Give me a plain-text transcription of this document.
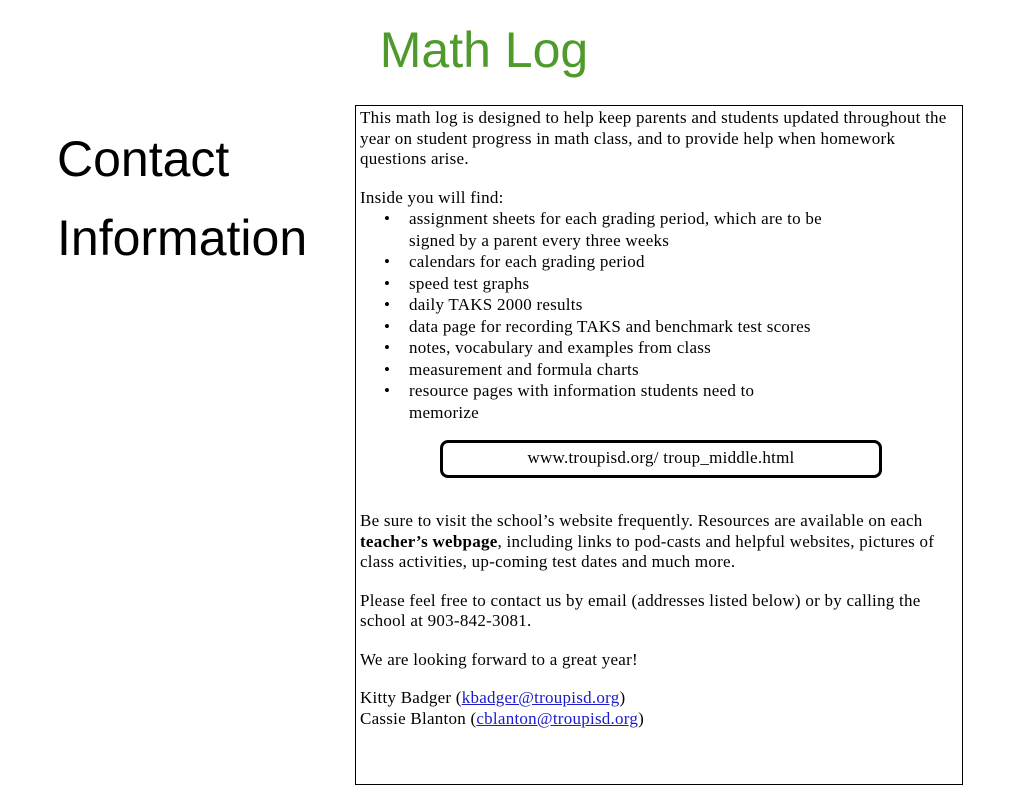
Math Log
Contact
Information

This math log is designed to help keep parents and students updated throughout the year on student progress in math class, and to provide help when homework questions arise.

Inside you will find:

• assignment sheets for each grading period, which are to be
signed by a parent every three weeks
• calendars for each grading period
• speed test graphs
• daily TAKS 2000 results
• data page for recording TAKS and benchmark test scores
• notes, vocabulary and examples from class
• measurement and formula charts
• resource pages with information students need to
memorize
www.troupisd.org/ troup_middle.html

Be sure to visit the school’s website frequently. Resources are available on each teacher’s webpage, including links to pod-casts and helpful websites, pictures of class activities, up-coming test dates and much more.

Please feel free to contact us by email (addresses listed below) or by calling the school at 903-842-3081.

We are looking forward to a great year!

Kitty Badger (kbadger@troupisd.org)

Cassie Blanton (cblanton@troupisd.org)
